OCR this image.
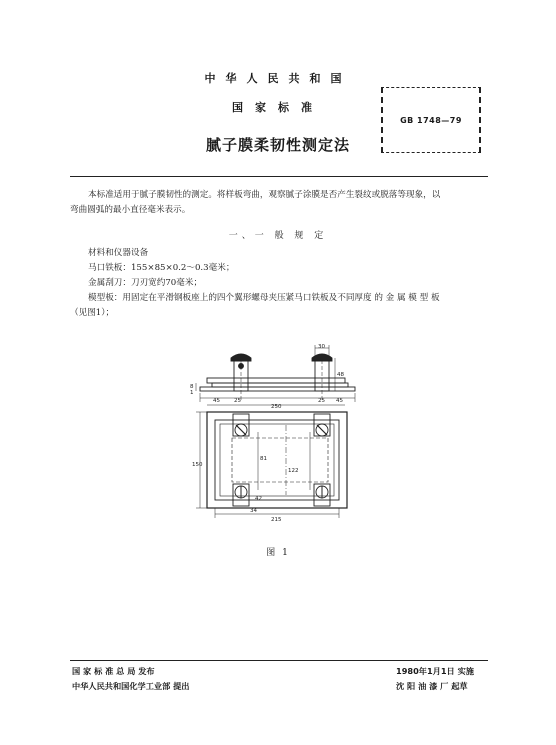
中华人民共和国
国家标准
GB 1748—79
腻子膜柔韧性测定法
本标准适用于腻子膜韧性的测定。将样板弯曲，观察腻子涂膜是否产生裂纹或脱落等现象，以
弯曲圆弧的最小直径毫米表示。
一、一 般 规 定
材料和仪器设备
马口铁板：155×85×0.2～0.3毫米；
金属刮刀：刀刃宽约70毫米；
模型板：用固定在平滑钢板座上的四个翼形螺母夹压紧马口铁板及不同厚度 的 金 属 模 型 板
（见图1）；
30
48
8
1
45	25	25 45
250
150
122
81
42
34
215
图 1
国 家 标 准 总 局 发布
中华人民共和国化学工业部 提出
1980年1月1日 实施
沈 阳 油 漆 厂 起草
